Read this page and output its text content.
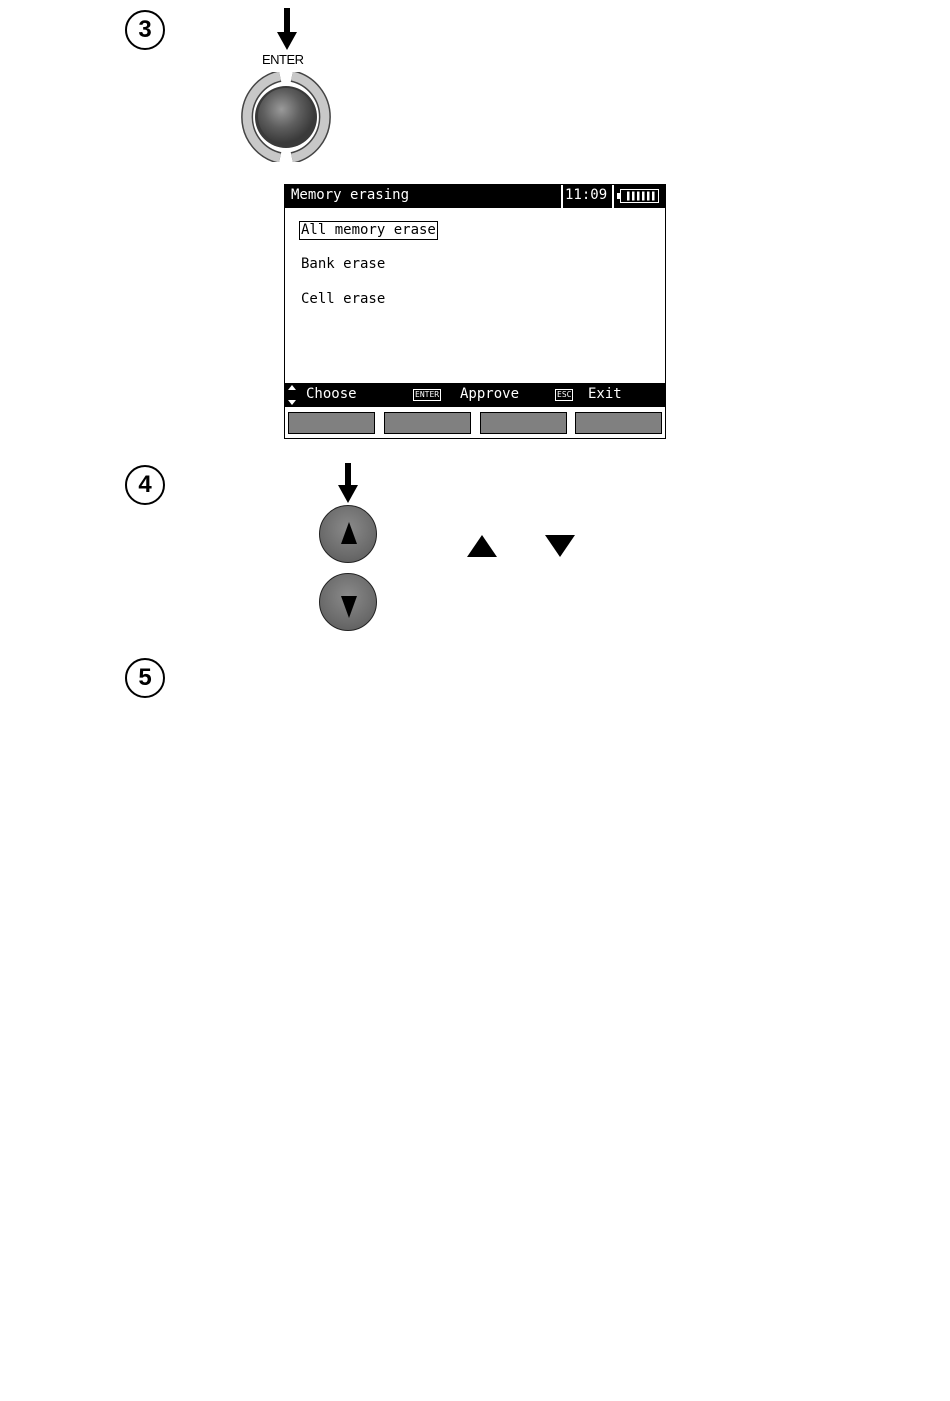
3
ENTER
Memory erasing	11:09
All memory erase
Bank erase
Cell erase
Choose	ENTER Approve	ESC Exit
4
5
